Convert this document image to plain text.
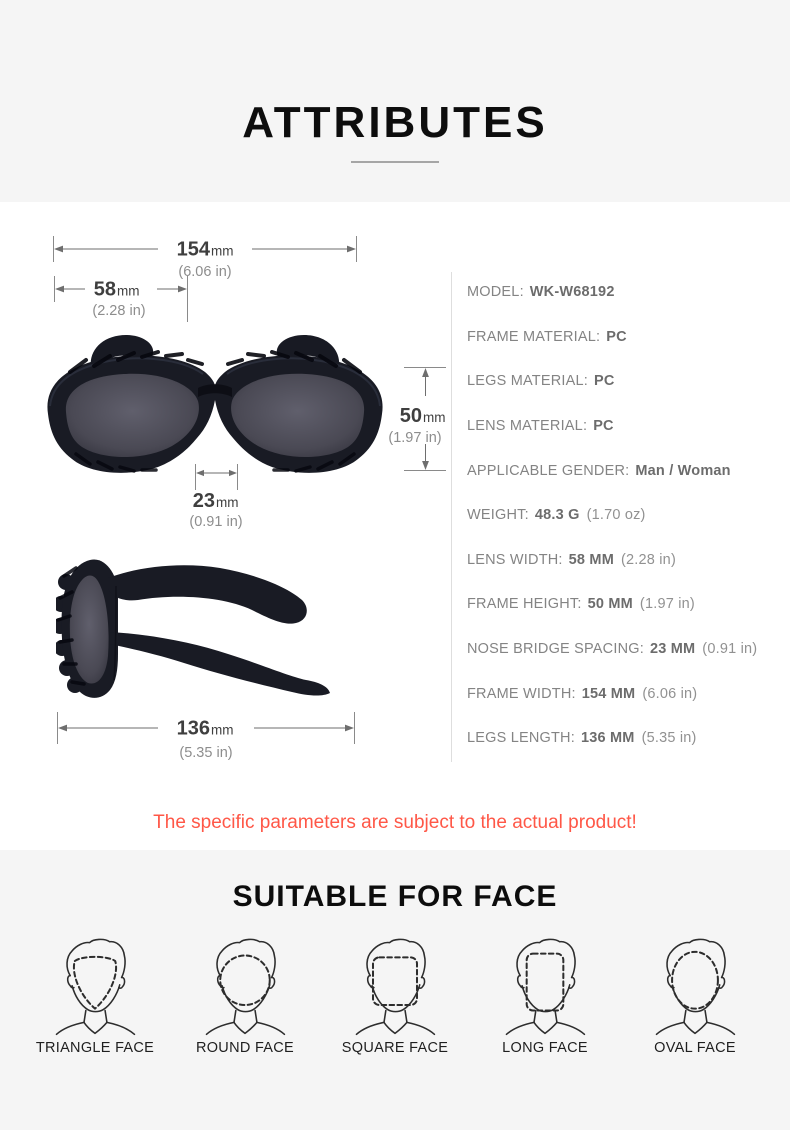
ATTRIBUTES
154 mm
(6.06 in)
58 mm
(2.28 in)
50 mm
(1.97 in)
23 mm
(0.91 in)
136 mm
(5.35 in)
MODEL: WK-W68192
FRAME MATERIAL: PC
LEGS MATERIAL: PC
LENS MATERIAL: PC
APPLICABLE GENDER: Man / Woman
WEIGHT: 48.3 G (1.70 oz)
LENS WIDTH: 58 MM (2.28 in)
FRAME HEIGHT: 50 MM (1.97 in)
NOSE BRIDGE SPACING: 23 MM (0.91 in)
FRAME WIDTH: 154 MM (6.06 in)
LEGS LENGTH: 136 MM (5.35 in)
The specific parameters are subject to the actual product!
SUITABLE FOR FACE
TRIANGLE FACE	ROUND FACE	SQUARE FACE	LONG FACE	OVAL FACE
